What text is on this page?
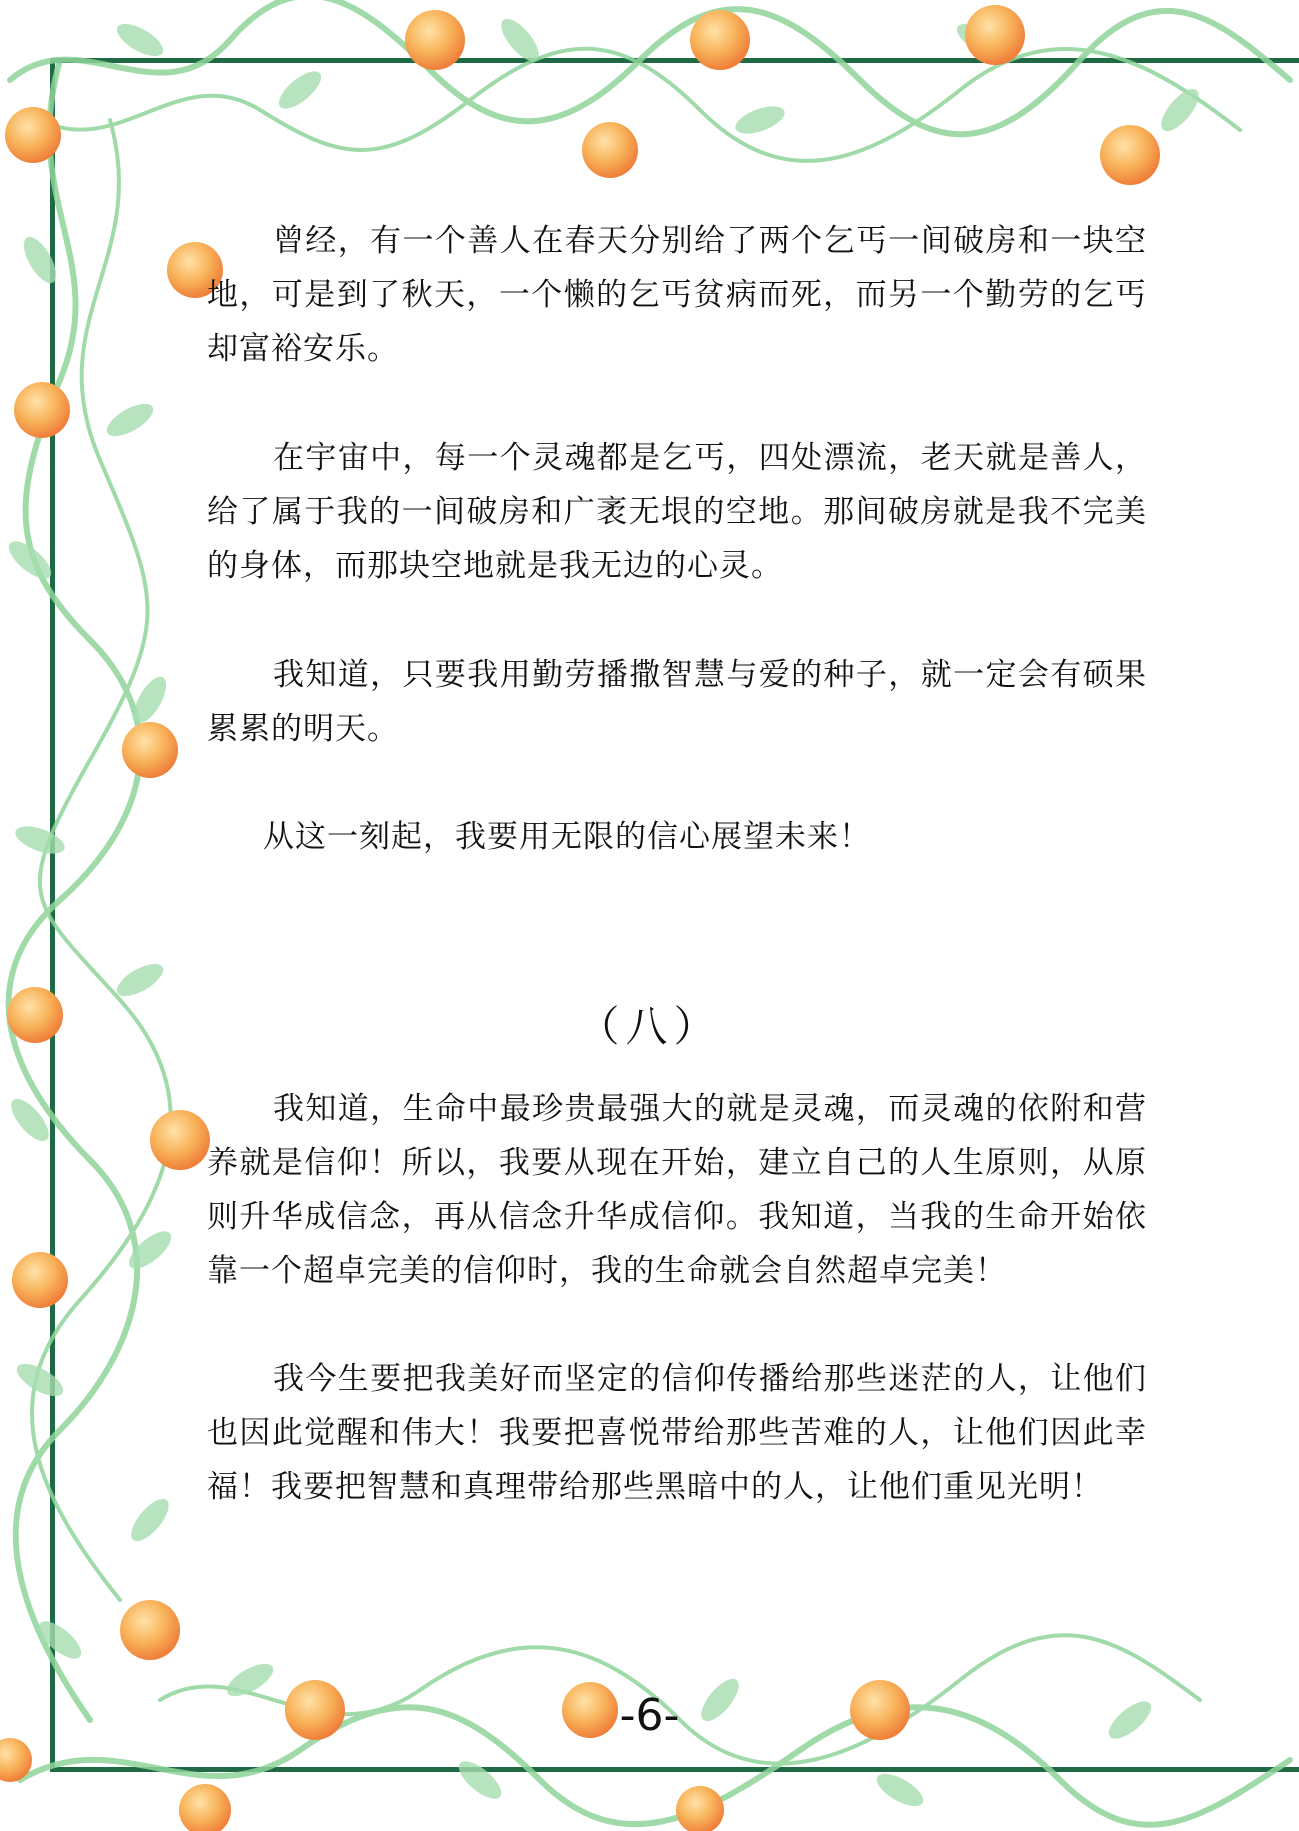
曾经，有一个善人在春天分别给了两个乞丐一间破房和一块空地，可是到了秋天，一个懒的乞丐贫病而死，而另一个勤劳的乞丐却富裕安乐。

在宇宙中，每一个灵魂都是乞丐，四处漂流，老天就是善人，给了属于我的一间破房和广袤无垠的空地。那间破房就是我不完美的身体，而那块空地就是我无边的心灵。

我知道，只要我用勤劳播撒智慧与爱的种子，就一定会有硕果累累的明天。

从这一刻起，我要用无限的信心展望未来！

（八）

我知道，生命中最珍贵最强大的就是灵魂，而灵魂的依附和营养就是信仰！所以，我要从现在开始，建立自己的人生原则，从原则升华成信念，再从信念升华成信仰。我知道，当我的生命开始依靠一个超卓完美的信仰时，我的生命就会自然超卓完美！

我今生要把我美好而坚定的信仰传播给那些迷茫的人，让他们也因此觉醒和伟大！我要把喜悦带给那些苦难的人，让他们因此幸福！我要把智慧和真理带给那些黑暗中的人，让他们重见光明！

-6-
